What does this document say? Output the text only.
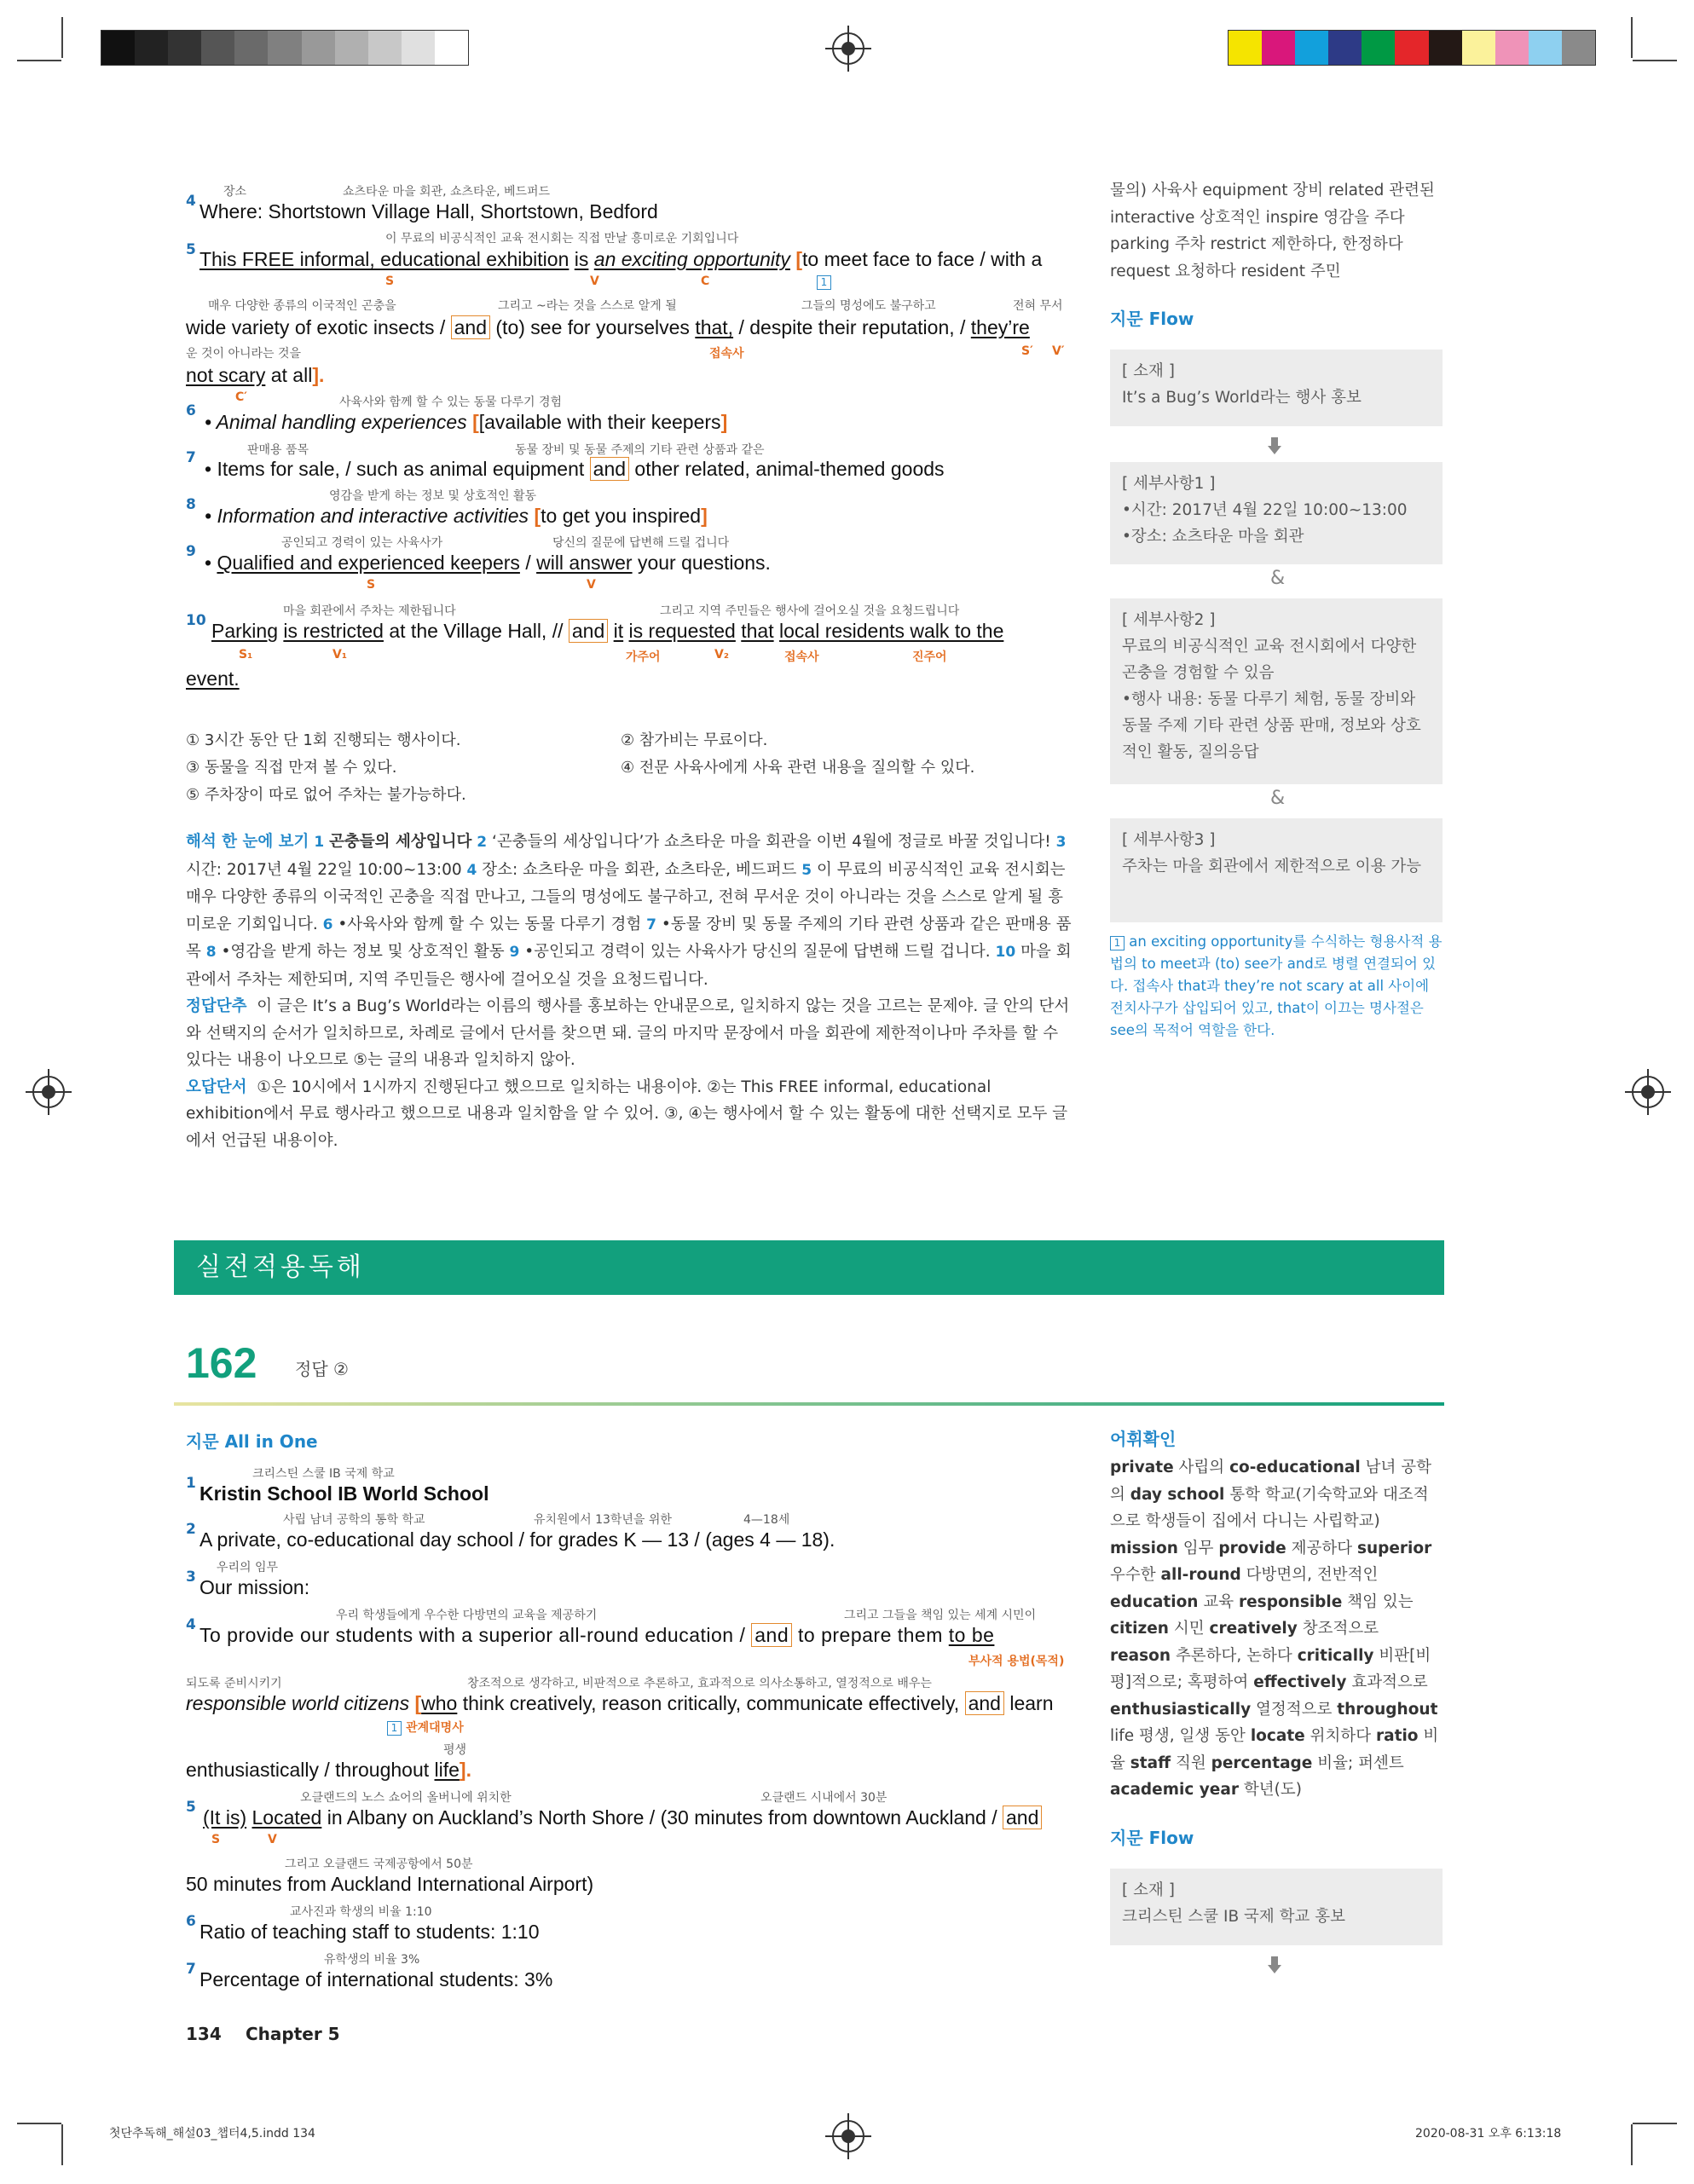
장소	쇼츠타운 마을 회관, 쇼츠타운, 베드퍼드
4 Where: Shortstown Village Hall, Shortstown, Bedford
이 무료의 비공식적인 교육 전시회는 직접 만날 흥미로운 기회입니다
5 This FREE informal, educational exhibition is an exciting opportunity [to meet face to face / with a
S	V	C	1
매우 다양한 종류의 이국적인 곤충을	그리고 ~라는 것을 스스로 알게 될	그들의 명성에도 불구하고	전혀 무서
wide variety of exotic insects / and (to) see for yourselves that, / despite their reputation, / they’re
접속사	S′ V′
운 것이 아니라는 것을
not scary at all].
C′	사육사와 함께 할 수 있는 동물 다루기 경험
6 • Animal handling experiences [[available with their keepers]
판매용 품목	동물 장비 및 동물 주제의 기타 관련 상품과 같은
7 • Items for sale, / such as animal equipment and other related, animal-themed goods
영감을 받게 하는 정보 및 상호적인 활동
8 • Information and interactive activities [to get you inspired]
공인되고 경력이 있는 사육사가	당신의 질문에 답변해 드릴 겁니다
9 • Qualified and experienced keepers / will answer your questions.
S	V
마을 회관에서 주차는 제한됩니다	그리고 지역 주민들은 행사에 걸어오실 것을 요청드립니다
10 Parking is restricted at the Village Hall, // and it is requested that local residents walk to the
S₁	V₁	가주어	V₂	접속사	진주어
event.
① 3시간 동안 단 1회 진행되는 행사이다.	② 참가비는 무료이다.
③ 동물을 직접 만져 볼 수 있다.	④ 전문 사육사에게 사육 관련 내용을 질의할 수 있다.
⑤ 주차장이 따로 없어 주차는 불가능하다.

해석 한 눈에 보기 1 곤충들의 세상입니다 2 ‘곤충들의 세상입니다’가 쇼츠타운 마을 회관을 이번 4월에 정글로 바꿀 것입니다! 3 시간: 2017년 4월 22일 10:00~13:00 4 장소: 쇼츠타운 마을 회관, 쇼츠타운, 베드퍼드 5 이 무료의 비공식적인 교육 전시회는 매우 다양한 종류의 이국적인 곤충을 직접 만나고, 그들의 명성에도 불구하고, 전혀 무서운 것이 아니라는 것을 스스로 알게 될 흥미로운 기회입니다. 6 •사육사와 함께 할 수 있는 동물 다루기 경험 7 •동물 장비 및 동물 주제의 기타 관련 상품과 같은 판매용 품목 8 •영감을 받게 하는 정보 및 상호적인 활동 9 •공인되고 경력이 있는 사육사가 당신의 질문에 답변해 드릴 겁니다. 10 마을 회관에서 주차는 제한되며, 지역 주민들은 행사에 걸어오실 것을 요청드립니다.

정답단추 이 글은 It’s a Bug’s World라는 이름의 행사를 홍보하는 안내문으로, 일치하지 않는 것을 고르는 문제야. 글 안의 단서와 선택지의 순서가 일치하므로, 차례로 글에서 단서를 찾으면 돼. 글의 마지막 문장에서 마을 회관에 제한적이나마 주차를 할 수 있다는 내용이 나오므로 ⑤는 글의 내용과 일치하지 않아.

오답단서 ①은 10시에서 1시까지 진행된다고 했으므로 일치하는 내용이야. ②는 This FREE informal, educational exhibition에서 무료 행사라고 했으므로 내용과 일치함을 알 수 있어. ③, ④는 행사에서 할 수 있는 활동에 대한 선택지로 모두 글에서 언급된 내용이야.

물의) 사육사 equipment 장비 related 관련된 interactive 상호적인 inspire 영감을 주다 parking 주차 restrict 제한하다, 한정하다 request 요청하다 resident 주민
지문 Flow
[ 소재 ]
It’s a Bug’s World라는 행사 홍보
[ 세부사항1 ]
•시간: 2017년 4월 22일 10:00~13:00
•장소: 쇼츠타운 마을 회관
&
[ 세부사항2 ]
무료의 비공식적인 교육 전시회에서 다양한 곤충을 경험할 수 있음
•행사 내용: 동물 다루기 체험, 동물 장비와 동물 주제 기타 관련 상품 판매, 정보와 상호적인 활동, 질의응답
&
[ 세부사항3 ]
주차는 마을 회관에서 제한적으로 이용 가능
1 an exciting opportunity를 수식하는 형용사적 용법의 to meet과 (to) see가 and로 병렬 연결되어 있다. 접속사 that과 they’re not scary at all 사이에 전치사구가 삽입되어 있고, that이 이끄는 명사절은 see의 목적어 역할을 한다.
실전적용독해
162 정답 ②
지문 All in One
크리스틴 스쿨 IB 국제 학교
1 Kristin School IB World School
사립 남녀 공학의 통학 학교	유치원에서 13학년을 위한	4—18세
2 A private, co-educational day school / for grades K — 13 / (ages 4 — 18).
우리의 임무
3 Our mission:
우리 학생들에게 우수한 다방면의 교육을 제공하기	그리고 그들을 책임 있는 세계 시민이
4 To provide our students with a superior all-round education / and to prepare them to be
부사적 용법(목적)
되도록 준비시키기	창조적으로 생각하고, 비판적으로 추론하고, 효과적으로 의사소통하고, 열정적으로 배우는
responsible world citizens [who think creatively, reason critically, communicate effectively, and learn
1 관계대명사
평생
enthusiastically / throughout life].
오클랜드의 노스 쇼어의 올버니에 위치한	오클랜드 시내에서 30분
5 (It is) Located in Albany on Auckland’s North Shore / (30 minutes from downtown Auckland / and
S	V
그리고 오클랜드 국제공항에서 50분
50 minutes from Auckland International Airport)
교사진과 학생의 비율 1:10
6 Ratio of teaching staff to students: 1:10
유학생의 비율 3%
7 Percentage of international students: 3%
어휘확인
private 사립의 co-educational 남녀 공학의 day school 통학 학교(기숙학교와 대조적으로 학생들이 집에서 다니는 사립학교) mission 임무 provide 제공하다 superior 우수한 all-round 다방면의, 전반적인 education 교육 responsible 책임 있는 citizen 시민 creatively 창조적으로 reason 추론하다, 논하다 critically 비판[비평]적으로; 혹평하여 effectively 효과적으로 enthusiastically 열정적으로 throughout life 평생, 일생 동안 locate 위치하다 ratio 비율 staff 직원 percentage 비율; 퍼센트 academic year 학년(도)
지문 Flow
[ 소재 ]
크리스틴 스쿨 IB 국제 학교 홍보
134 Chapter 5
첫단추독해_해설03_챕터4,5.indd 134	2020-08-31 오후 6:13:18
